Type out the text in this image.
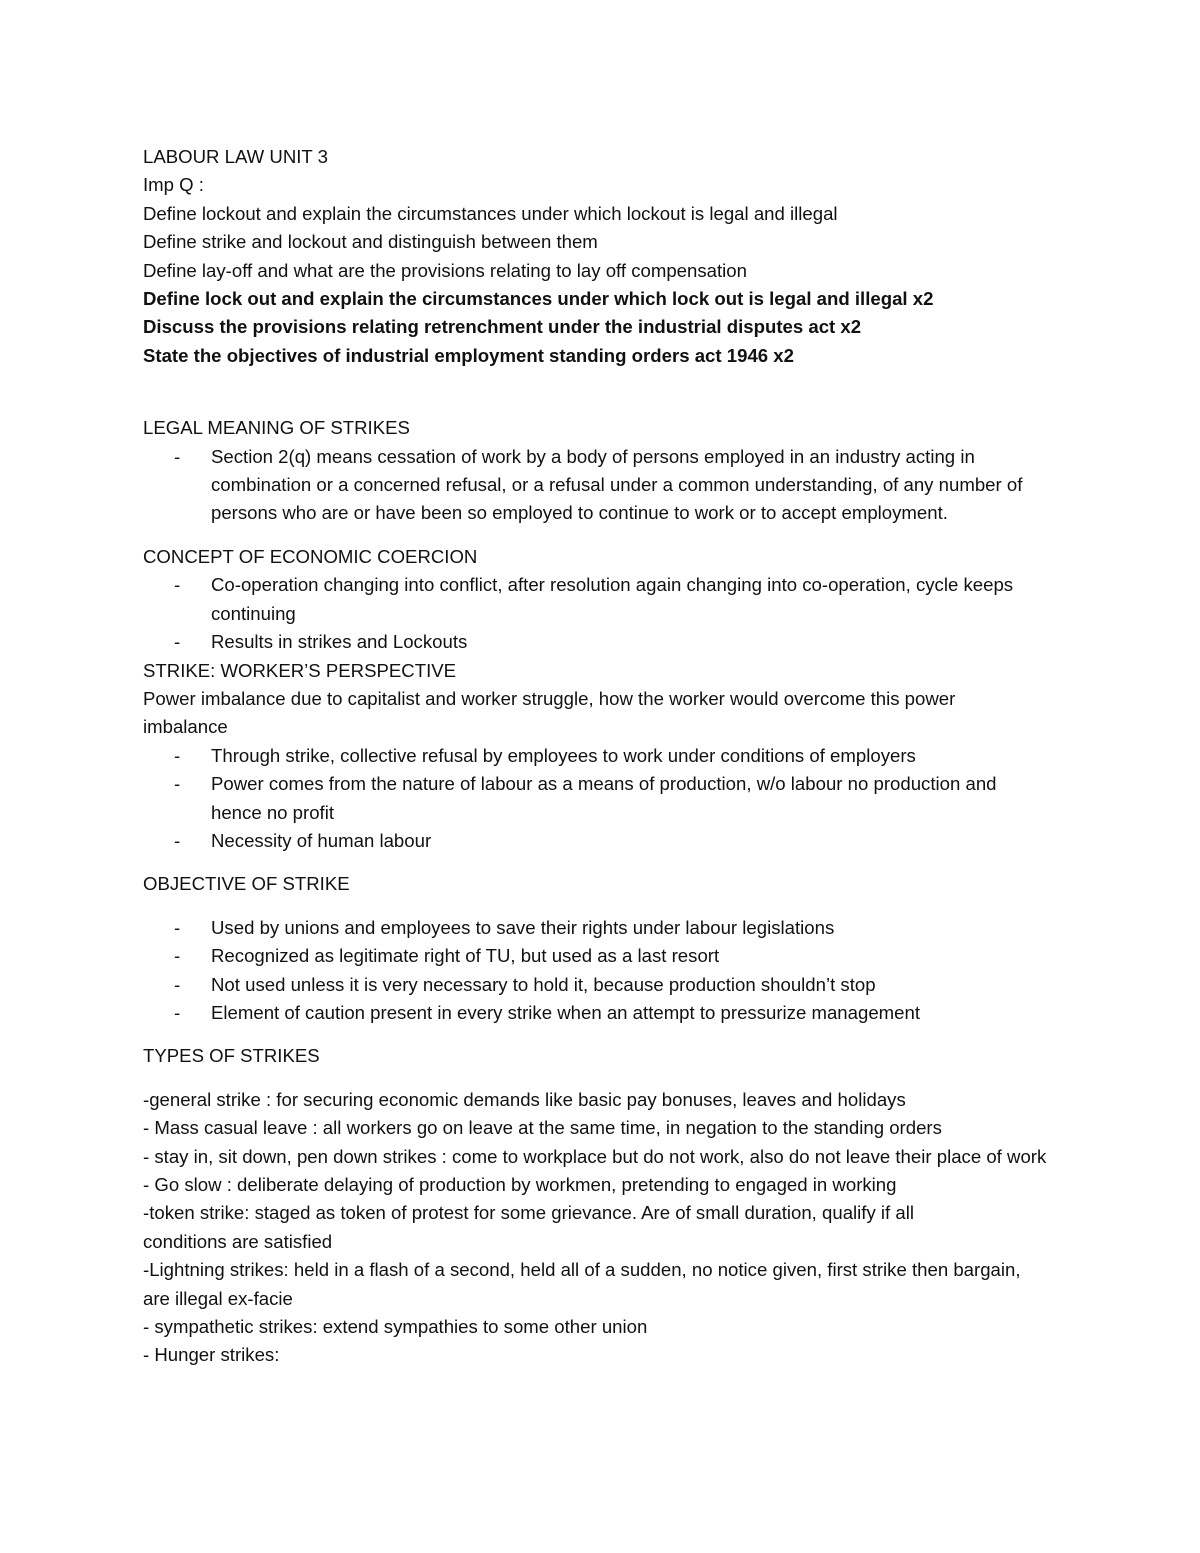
LABOUR LAW UNIT 3

Imp Q :

Define lockout and explain the circumstances under which lockout is legal and illegal

Define strike and lockout and distinguish between them

Define lay-off and what are the provisions relating to lay off compensation

Define lock out and explain the circumstances under which lock out is legal and illegal x2

Discuss the provisions relating retrenchment under the industrial disputes act x2

State the objectives of industrial employment standing orders act 1946 x2

LEGAL MEANING OF STRIKES

- Section 2(q) means cessation of work by a body of persons employed in an industry acting in combination or a concerned refusal, or a refusal under a common understanding, of any number of persons who are or have been so employed to continue to work or to accept employment.

CONCEPT OF ECONOMIC COERCION

- Co-operation changing into conflict, after resolution again changing into co-operation, cycle keeps continuing
- Results in strikes and Lockouts

STRIKE: WORKER’S PERSPECTIVE

Power imbalance due to capitalist and worker struggle, how the worker would overcome this power imbalance

- Through strike, collective refusal by employees to work under conditions of employers
- Power comes from the nature of labour as a means of production, w/o labour no production and hence no profit
- Necessity of human labour

OBJECTIVE OF STRIKE

- Used by unions and employees to save their rights under labour legislations
- Recognized as legitimate right of TU, but used as a last resort
- Not used unless it is very necessary to hold it, because production shouldn’t stop
- Element of caution present in every strike when an attempt to pressurize management

TYPES OF STRIKES

-general strike : for securing economic demands like basic pay bonuses, leaves and holidays

- Mass casual leave : all workers go on leave at the same time, in negation to the standing orders

- stay in, sit down, pen down strikes : come to workplace but do not work, also do not leave their place of work

- Go slow : deliberate delaying of production by workmen, pretending to engaged in working

-token strike: staged as token of protest for some grievance. Are of small duration, qualify if all conditions are satisfied

-Lightning strikes: held in a flash of a second, held all of a sudden, no notice given, first strike then bargain, are illegal ex-facie

- sympathetic strikes: extend sympathies to some other union

- Hunger strikes:
